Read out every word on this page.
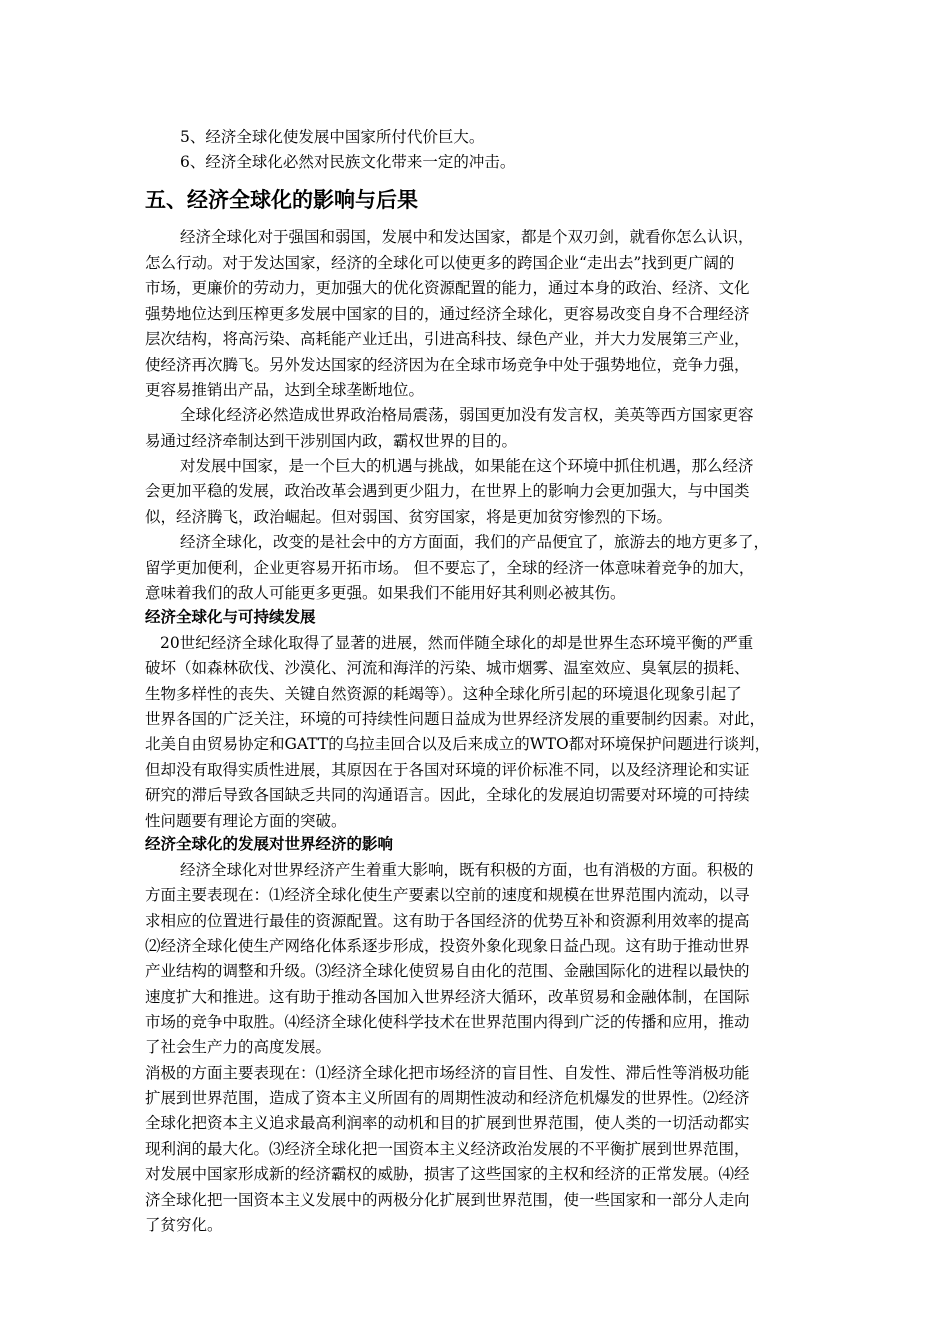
5、经济全球化使发展中国家所付代价巨大。
6、经济全球化必然对民族文化带来一定的冲击。
五、经济全球化的影响与后果
经济全球化对于强国和弱国，发展中和发达国家，都是个双刃剑，就看你怎么认识，
怎么行动。对于发达国家，经济的全球化可以使更多的跨国企业“走出去”找到更广阔的
市场，更廉价的劳动力，更加强大的优化资源配置的能力，通过本身的政治、经济、文化
强势地位达到压榨更多发展中国家的目的，通过经济全球化，更容易改变自身不合理经济
层次结构，将高污染、高耗能产业迁出，引进高科技、绿色产业，并大力发展第三产业，
使经济再次腾飞。另外发达国家的经济因为在全球市场竞争中处于强势地位，竞争力强，
更容易推销出产品，达到全球垄断地位。
全球化经济必然造成世界政治格局震荡，弱国更加没有发言权，美英等西方国家更容
易通过经济牵制达到干涉别国内政，霸权世界的目的。
对发展中国家，是一个巨大的机遇与挑战，如果能在这个环境中抓住机遇，那么经济
会更加平稳的发展，政治改革会遇到更少阻力，在世界上的影响力会更加强大，与中国类
似，经济腾飞，政治崛起。但对弱国、贫穷国家，将是更加贫穷惨烈的下场。
经济全球化，改变的是社会中的方方面面，我们的产品便宜了，旅游去的地方更多了，
留学更加便利，企业更容易开拓市场。 但不要忘了，全球的经济一体意味着竞争的加大，
意味着我们的敌人可能更多更强。如果我们不能用好其利则必被其伤。
经济全球化与可持续发展
20世纪经济全球化取得了显著的进展，然而伴随全球化的却是世界生态环境平衡的严重
破坏（如森林砍伐、沙漠化、河流和海洋的污染、城市烟雾、温室效应、臭氧层的损耗、
生物多样性的丧失、关键自然资源的耗竭等）。这种全球化所引起的环境退化现象引起了
世界各国的广泛关注，环境的可持续性问题日益成为世界经济发展的重要制约因素。对此，
北美自由贸易协定和GATT的乌拉圭回合以及后来成立的WTO都对环境保护问题进行谈判，
但却没有取得实质性进展，其原因在于各国对环境的评价标准不同，以及经济理论和实证
研究的滞后导致各国缺乏共同的沟通语言。因此，全球化的发展迫切需要对环境的可持续
性问题要有理论方面的突破。
经济全球化的发展对世界经济的影响
经济全球化对世界经济产生着重大影响，既有积极的方面，也有消极的方面。积极的
方面主要表现在：⑴经济全球化使生产要素以空前的速度和规模在世界范围内流动，以寻
求相应的位置进行最佳的资源配置。这有助于各国经济的优势互补和资源利用效率的提高
⑵经济全球化使生产网络化体系逐步形成，投资外象化现象日益凸现。这有助于推动世界
产业结构的调整和升级。⑶经济全球化使贸易自由化的范围、金融国际化的进程以最快的
速度扩大和推进。这有助于推动各国加入世界经济大循环，改革贸易和金融体制，在国际
市场的竞争中取胜。⑷经济全球化使科学技术在世界范围内得到广泛的传播和应用，推动
了社会生产力的高度发展。
消极的方面主要表现在：⑴经济全球化把市场经济的盲目性、自发性、滞后性等消极功能
扩展到世界范围，造成了资本主义所固有的周期性波动和经济危机爆发的世界性。⑵经济
全球化把资本主义追求最高利润率的动机和目的扩展到世界范围，使人类的一切活动都实
现利润的最大化。⑶经济全球化把一国资本主义经济政治发展的不平衡扩展到世界范围，
对发展中国家形成新的经济霸权的威胁，损害了这些国家的主权和经济的正常发展。⑷经
济全球化把一国资本主义发展中的两极分化扩展到世界范围，使一些国家和一部分人走向
了贫穷化。
